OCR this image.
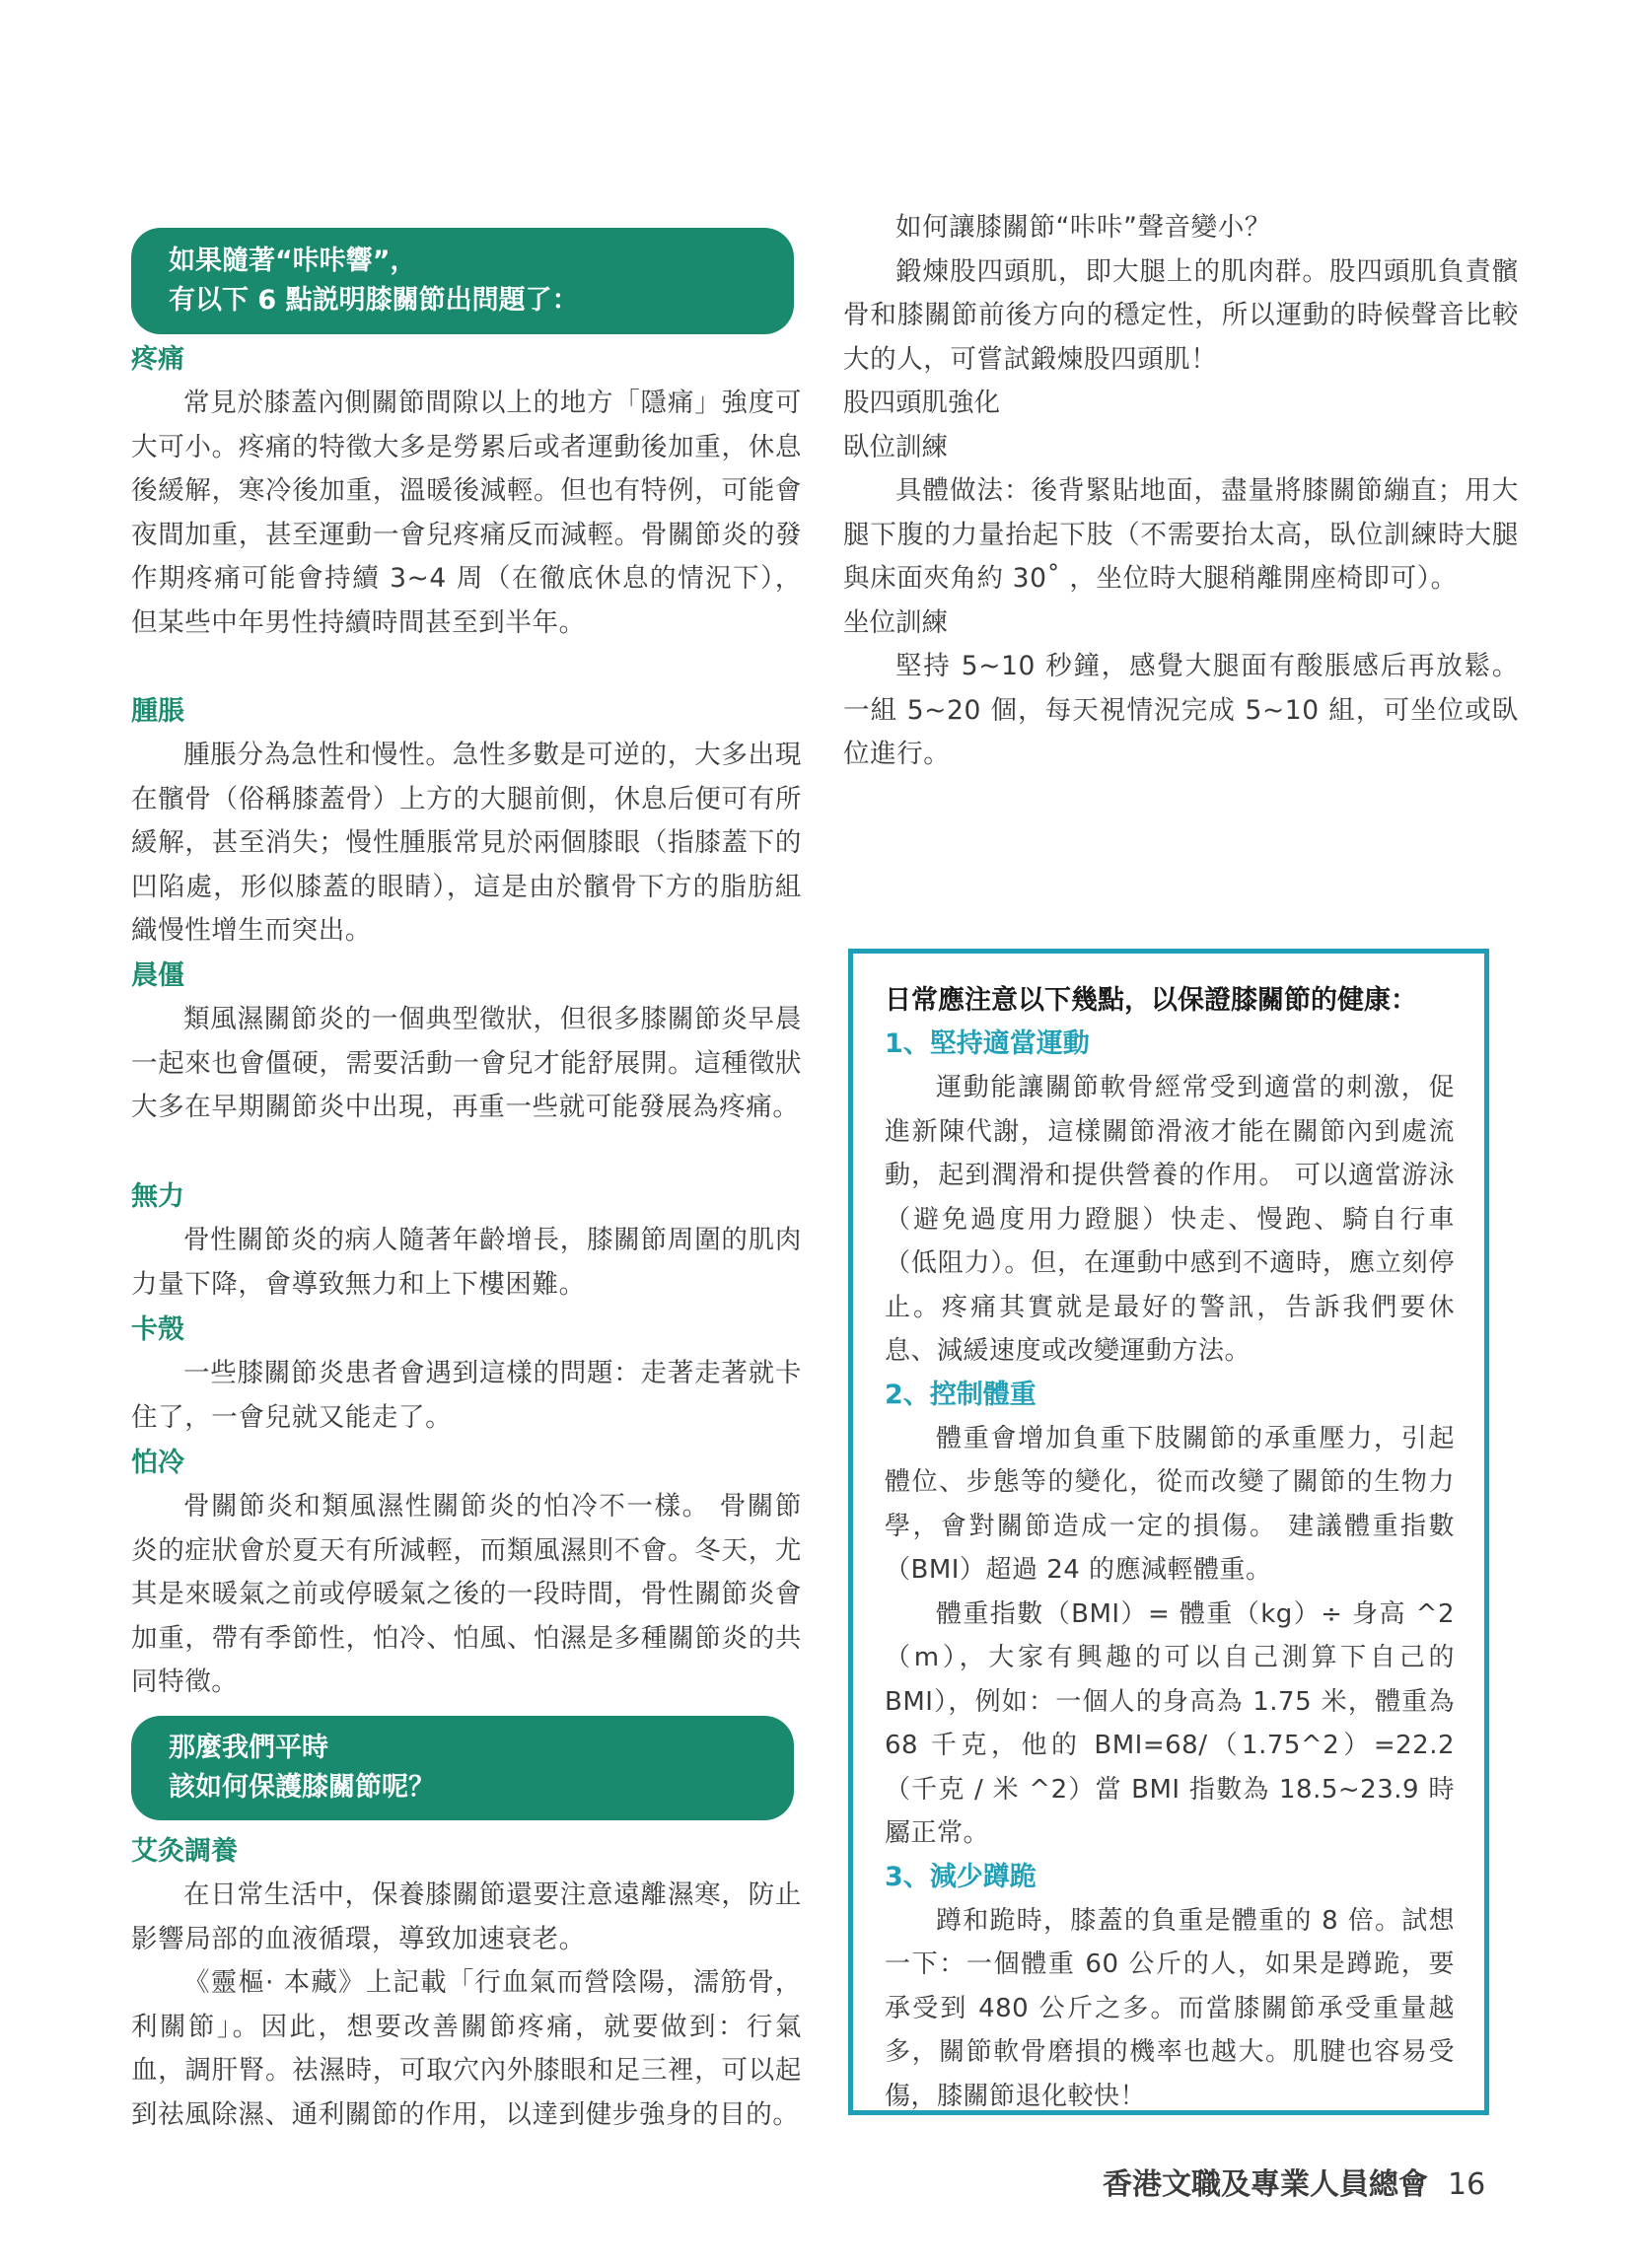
如果隨著“咔咔響”，
有以下 6 點説明膝關節出問題了：
疼痛

常見於膝蓋內側關節間隙以上的地方「隱痛」強度可大可小。疼痛的特徵大多是勞累后或者運動後加重，休息後緩解，寒冷後加重，溫暖後減輕。但也有特例，可能會夜間加重，甚至運動一會兒疼痛反而減輕。骨關節炎的發作期疼痛可能會持續 3~4 周（在徹底休息的情況下），但某些中年男性持續時間甚至到半年。

腫脹

腫脹分為急性和慢性。急性多數是可逆的，大多出現在髕骨（俗稱膝蓋骨）上方的大腿前側，休息后便可有所緩解，甚至消失；慢性腫脹常見於兩個膝眼（指膝蓋下的凹陷處，形似膝蓋的眼睛），這是由於髕骨下方的脂肪組織慢性增生而突出。

晨僵

類風濕關節炎的一個典型徵狀，但很多膝關節炎早晨一起來也會僵硬，需要活動一會兒才能舒展開。這種徵狀大多在早期關節炎中出現，再重一些就可能發展為疼痛。

無力

骨性關節炎的病人隨著年齡增長，膝關節周圍的肌肉力量下降，會導致無力和上下樓困難。

卡殼

一些膝關節炎患者會遇到這樣的問題：走著走著就卡住了，一會兒就又能走了。

怕冷

骨關節炎和類風濕性關節炎的怕冷不一樣。 骨關節炎的症狀會於夏天有所減輕，而類風濕則不會。冬天，尤其是來暖氣之前或停暖氣之後的一段時間，骨性關節炎會加重，帶有季節性，怕冷、怕風、怕濕是多種關節炎的共同特徵。

那麼我們平時
該如何保護膝關節呢？
艾灸調養

在日常生活中，保養膝關節還要注意遠離濕寒，防止影響局部的血液循環，導致加速衰老。

《靈樞· 本藏》上記載「行血氣而營陰陽，濡筋骨，利關節」。因此，想要改善關節疼痛，就要做到：行氣血，調肝腎。祛濕時，可取穴內外膝眼和足三裡，可以起到祛風除濕、通利關節的作用，以達到健步強身的目的。

如何讓膝關節“咔咔”聲音變小？

鍛煉股四頭肌，即大腿上的肌肉群。股四頭肌負責髕骨和膝關節前後方向的穩定性，所以運動的時候聲音比較大的人，可嘗試鍛煉股四頭肌！

股四頭肌強化
臥位訓練

具體做法：後背緊貼地面，盡量將膝關節繃直；用大腿下腹的力量抬起下肢（不需要抬太高，臥位訓練時大腿與床面夾角約 30˚ ，坐位時大腿稍離開座椅即可）。

坐位訓練

堅持 5~10 秒鐘，感覺大腿面有酸脹感后再放鬆。一組 5~20 個，每天視情況完成 5~10 組，可坐位或臥位進行。

日常應注意以下幾點，以保證膝關節的健康：
1、堅持適當運動

運動能讓關節軟骨經常受到適當的刺激，促進新陳代謝，這樣關節滑液才能在關節內到處流動，起到潤滑和提供營養的作用。 可以適當游泳（避免過度用力蹬腿）快走、慢跑、騎自行車（低阻力）。但，在運動中感到不適時，應立刻停止。疼痛其實就是最好的警訊，告訴我們要休息、減緩速度或改變運動方法。

2、控制體重

體重會增加負重下肢關節的承重壓力，引起體位、步態等的變化，從而改變了關節的生物力學，會對關節造成一定的損傷。 建議體重指數（BMI）超過 24 的應減輕體重。

體重指數（BMI）= 體重（kg）÷ 身高 ^2（m），大家有興趣的可以自己測算下自己的 BMI），例如：一個人的身高為 1.75 米，體重為 68 千克，他的 BMI=68/（1.75^2）=22.2（千克 / 米 ^2）當 BMI 指數為 18.5~23.9 時屬正常。

3、減少蹲跪

蹲和跪時，膝蓋的負重是體重的 8 倍。試想一下：一個體重 60 公斤的人，如果是蹲跪，要承受到 480 公斤之多。而當膝關節承受重量越多，關節軟骨磨損的機率也越大。肌腱也容易受傷，膝關節退化較快！

香港文職及專業人員總會 16
